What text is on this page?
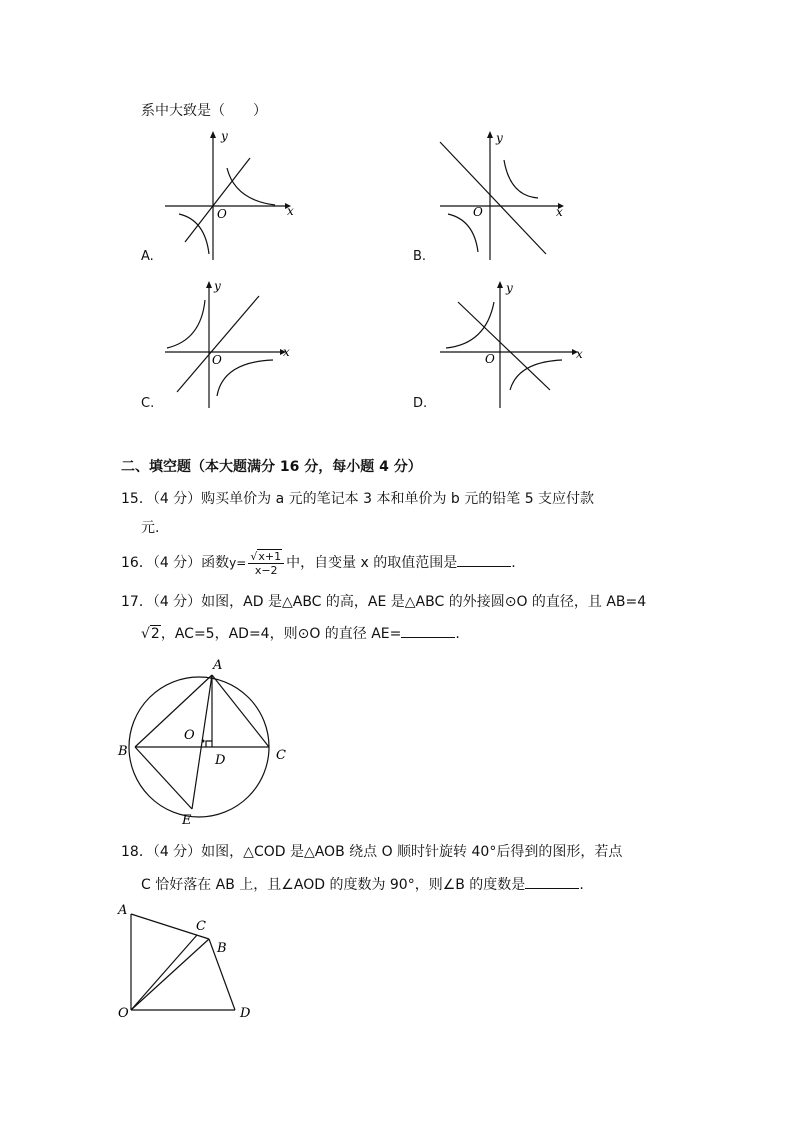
系中大致是（　　）
y
x
O
A.
y
x
O
B.
y
x
O
C.
y
x
O
D.
二、填空题（本大题满分 16 分，每小题 4 分）
15．（4 分）购买单价为 a 元的笔记本 3 本和单价为 b 元的铅笔 5 支应付款
元.
16．（4 分）函数$y= \frac{√x+1}{x-2}$ 中，自变量 x 的取值范围是	.
17．（4 分）如图，AD 是△ABC 的高，AE 是△ABC 的外接圆⊙O 的直径，且 AB=4
√2，AC=5，AD=4，则⊙O 的直径 AE=	.
A
B	C
D
E
O
18．（4 分）如图，△COD 是△AOB 绕点 O 顺时针旋转 40°后得到的图形，若点
C 恰好落在 AB 上，且∠AOD 的度数为 90°，则∠B 的度数是	.
A
C
B
O	D
